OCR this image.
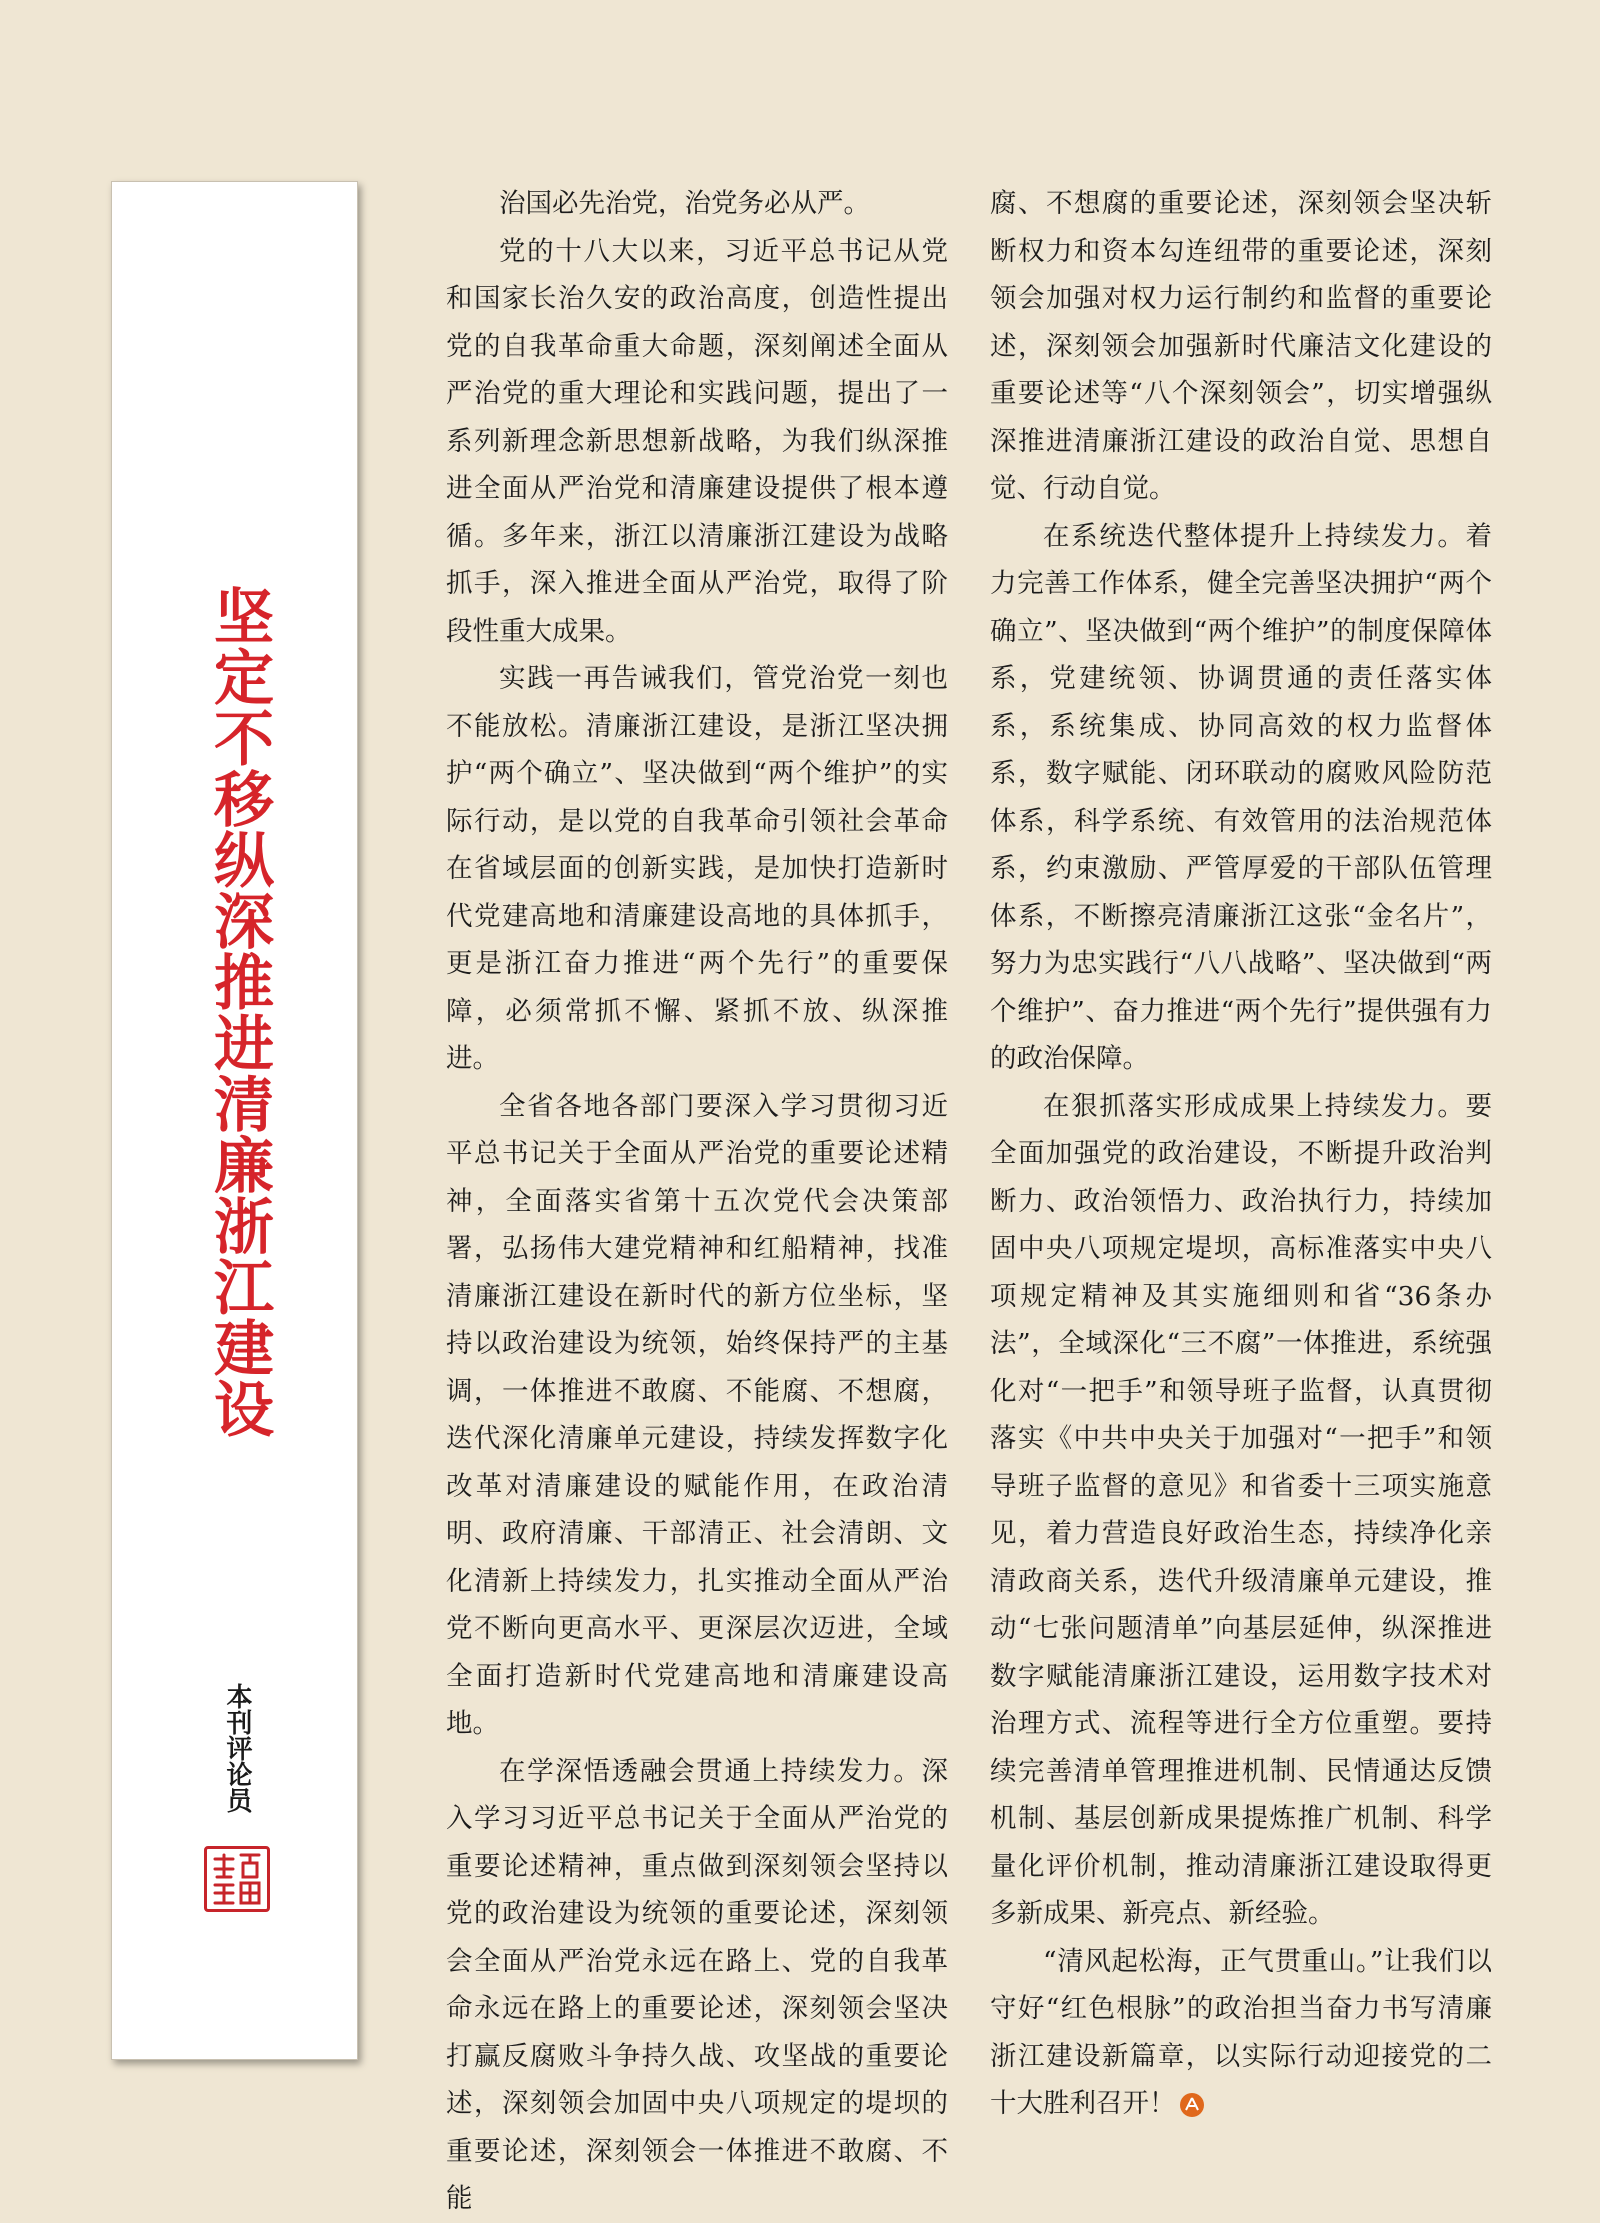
坚定不移纵深推进清廉浙江建设
本刊评论员

治国必先治党，治党务必从严。

党的十八大以来，习近平总书记从党和国家长治久安的政治高度，创造性提出党的自我革命重大命题，深刻阐述全面从严治党的重大理论和实践问题，提出了一系列新理念新思想新战略，为我们纵深推进全面从严治党和清廉建设提供了根本遵循。多年来，浙江以清廉浙江建设为战略抓手，深入推进全面从严治党，取得了阶段性重大成果。

实践一再告诫我们，管党治党一刻也不能放松。清廉浙江建设，是浙江坚决拥护“两个确立”、坚决做到“两个维护”的实际行动，是以党的自我革命引领社会革命在省域层面的创新实践，是加快打造新时代党建高地和清廉建设高地的具体抓手，更是浙江奋力推进“两个先行”的重要保障，必须常抓不懈、紧抓不放、纵深推进。

全省各地各部门要深入学习贯彻习近平总书记关于全面从严治党的重要论述精神，全面落实省第十五次党代会决策部署，弘扬伟大建党精神和红船精神，找准清廉浙江建设在新时代的新方位坐标，坚持以政治建设为统领，始终保持严的主基调，一体推进不敢腐、不能腐、不想腐，迭代深化清廉单元建设，持续发挥数字化改革对清廉建设的赋能作用，在政治清明、政府清廉、干部清正、社会清朗、文化清新上持续发力，扎实推动全面从严治党不断向更高水平、更深层次迈进，全域全面打造新时代党建高地和清廉建设高地。

在学深悟透融会贯通上持续发力。深入学习习近平总书记关于全面从严治党的重要论述精神，重点做到深刻领会坚持以党的政治建设为统领的重要论述，深刻领会全面从严治党永远在路上、党的自我革命永远在路上的重要论述，深刻领会坚决打赢反腐败斗争持久战、攻坚战的重要论述，深刻领会加固中央八项规定的堤坝的重要论述，深刻领会一体推进不敢腐、不能

腐、不想腐的重要论述，深刻领会坚决斩断权力和资本勾连纽带的重要论述，深刻领会加强对权力运行制约和监督的重要论述，深刻领会加强新时代廉洁文化建设的重要论述等“八个深刻领会”，切实增强纵深推进清廉浙江建设的政治自觉、思想自觉、行动自觉。

在系统迭代整体提升上持续发力。着力完善工作体系，健全完善坚决拥护“两个确立”、坚决做到“两个维护”的制度保障体系，党建统领、协调贯通的责任落实体系，系统集成、协同高效的权力监督体系，数字赋能、闭环联动的腐败风险防范体系，科学系统、有效管用的法治规范体系，约束激励、严管厚爱的干部队伍管理体系，不断擦亮清廉浙江这张“金名片”，努力为忠实践行“八八战略”、坚决做到“两个维护”、奋力推进“两个先行”提供强有力的政治保障。

在狠抓落实形成成果上持续发力。要全面加强党的政治建设，不断提升政治判断力、政治领悟力、政治执行力，持续加固中央八项规定堤坝，高标准落实中央八项规定精神及其实施细则和省“36条办法”，全域深化“三不腐”一体推进，系统强化对“一把手”和领导班子监督，认真贯彻落实《中共中央关于加强对“一把手”和领导班子监督的意见》和省委十三项实施意见，着力营造良好政治生态，持续净化亲清政商关系，迭代升级清廉单元建设，推动“七张问题清单”向基层延伸，纵深推进数字赋能清廉浙江建设，运用数字技术对治理方式、流程等进行全方位重塑。要持续完善清单管理推进机制、民情通达反馈机制、基层创新成果提炼推广机制、科学量化评价机制，推动清廉浙江建设取得更多新成果、新亮点、新经验。

“清风起松海，正气贯重山。”让我们以守好“红色根脉”的政治担当奋力书写清廉浙江建设新篇章，以实际行动迎接党的二十大胜利召开！
